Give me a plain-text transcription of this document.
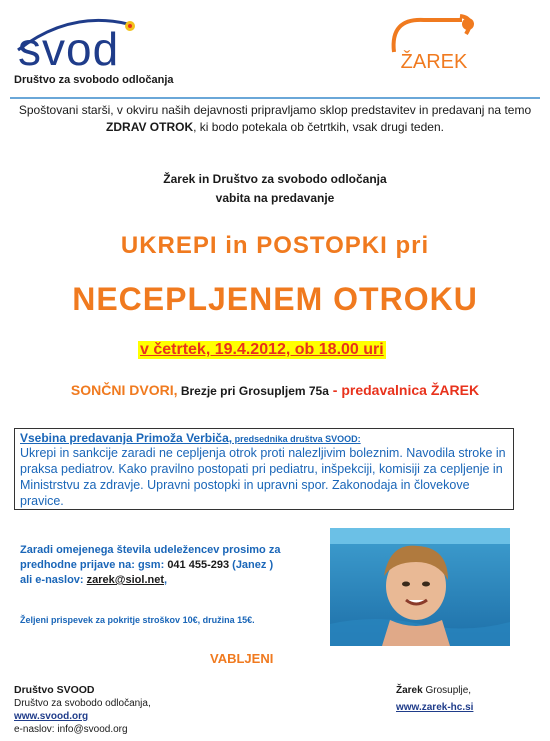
svod
Društvo za svobodo odločanja
ŽAREK
Spoštovani starši, v okviru naših dejavnosti pripravljamo sklop predstavitev in predavanj na temo ZDRAV OTROK, ki bodo potekala ob četrtkih, vsak drugi teden.
Žarek in Društvo za svobodo odločanja
vabita na predavanje
UKREPI in POSTOPKI pri
NECEPLJENEM OTROKU
v četrtek, 19.4.2012, ob 18.00 uri
SONČNI DVORI, Brezje pri Grosupljem 75a - predavalnica ŽAREK
Vsebina predavanja Primoža Verbiča, predsednika društva SVOOD:
Ukrepi in sankcije zaradi ne cepljenja otrok proti nalezljivim boleznim. Navodila stroke in praksa pediatrov. Kako pravilno postopati pri pediatru, inšpekciji, komisiji za cepljenje in Ministrstvu za zdravje. Upravni postopki in upravni spor. Zakonodaja in človekove pravice.
Zaradi omejenega števila udeležencev prosimo za
predhodne prijave na: gsm: 041 455-293 (Janez )
ali e-naslov: zarek@siol.net,
Željeni prispevek za pokritje stroškov 10€, družina 15€.
VABLJENI
Društvo SVOOD
Društvo za svobodo odločanja,
www.svood.org
e-naslov: info@svood.org
Žarek Grosuplje,
www.zarek-hc.si
